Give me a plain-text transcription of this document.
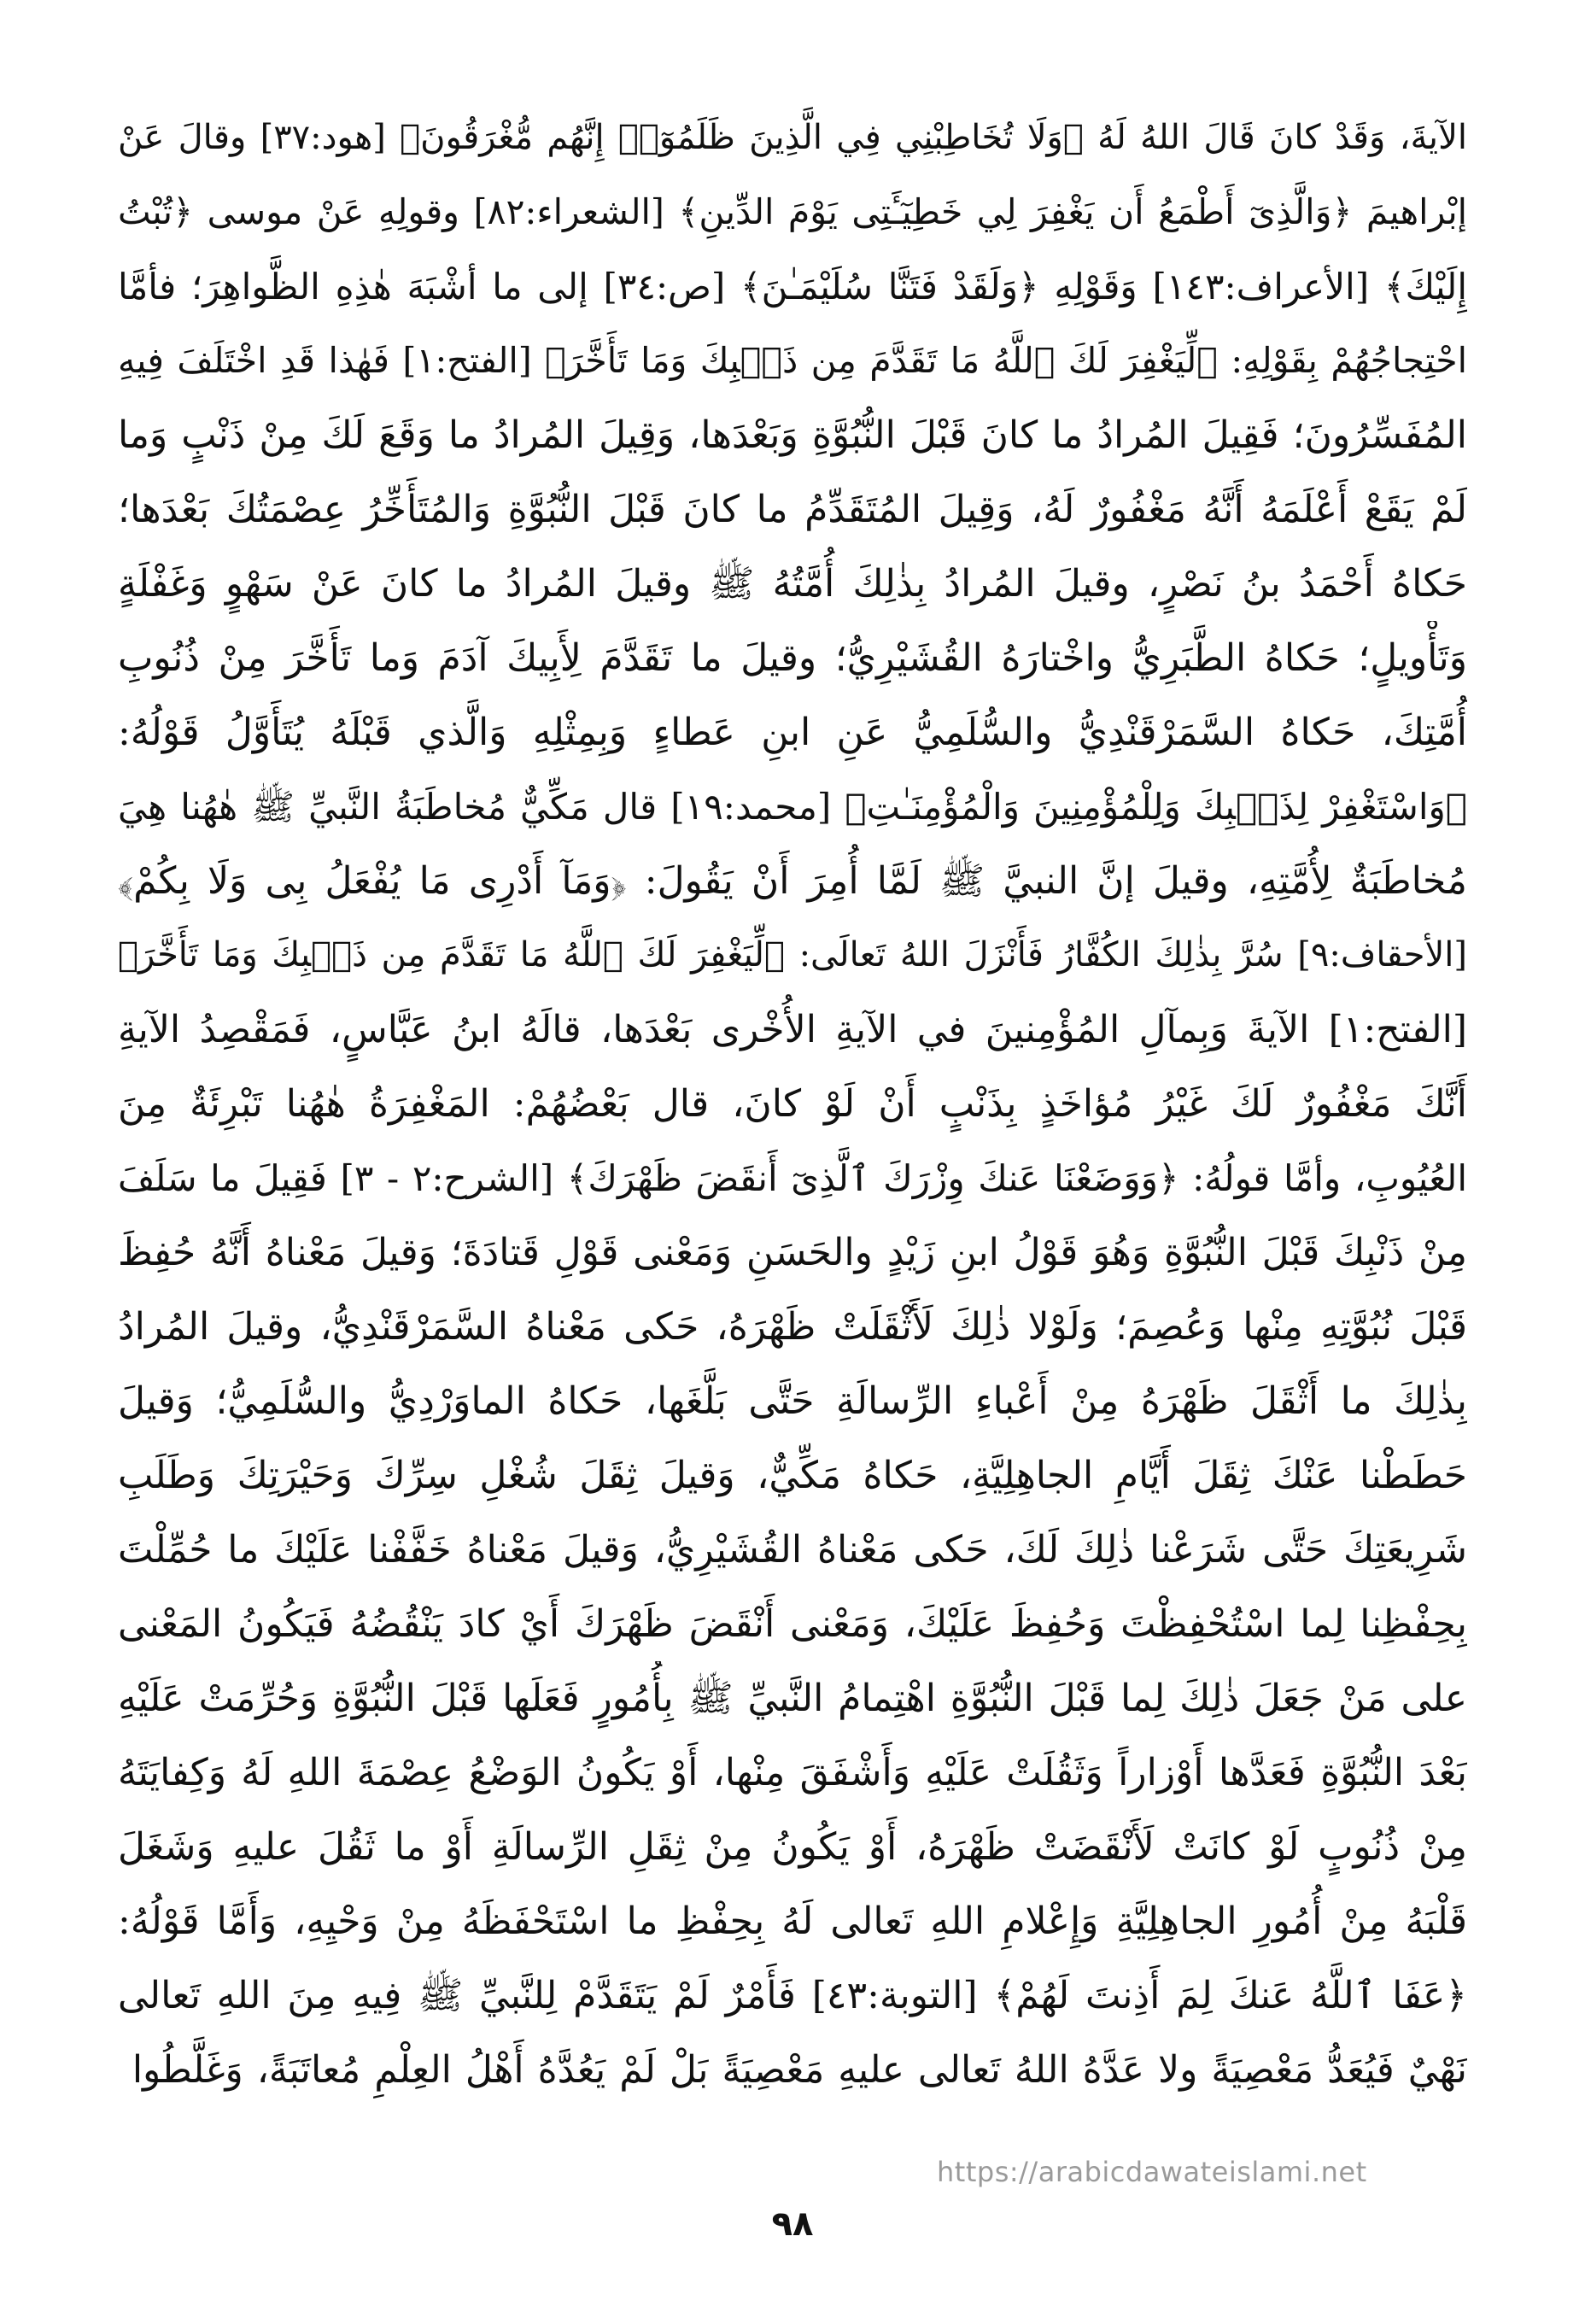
الآيةَ، وَقَدْ كانَ قَالَ اللهُ لَهُ ﴿وَلَا تُخَاطِبْنِي فِي الَّذِينَ ظَلَمُوٓا۟ إِنَّهُم مُّغْرَقُونَ﴾ [هود:٣٧] وقالَ عَنْ
إبْراهيمَ ﴿وَالَّذِىٓ أَطْمَعُ أَن يَغْفِرَ لِي خَطِيٓـَٔتِى يَوْمَ الدِّينِ﴾ [الشعراء:٨٢] وقولِهِ عَنْ موسى ﴿تُبْتُ
إِلَيْكَ﴾ [الأعراف:١٤٣] وَقَوْلِهِ ﴿وَلَقَدْ فَتَنَّا سُلَيْمَـٰنَ﴾ [ص:٣٤] إلى ما أشْبَهَ هٰذِهِ الظَّواهِرَ؛ فأمَّا
احْتِجاجُهُمْ بِقَوْلِهِ: ﴿لِّيَغْفِرَ لَكَ ٱللَّهُ مَا تَقَدَّمَ مِن ذَنۢبِكَ وَمَا تَأَخَّرَ﴾ [الفتح:١] فَهٰذا قَدِ اخْتَلَفَ فِيهِ
المُفَسِّرُونَ؛ فَقِيلَ المُرادُ ما كانَ قَبْلَ النُّبُوَّةِ وَبَعْدَها، وَقِيلَ المُرادُ ما وَقَعَ لَكَ مِنْ ذَنْبٍ وَما
لَمْ يَقَعْ أَعْلَمَهُ أَنَّهُ مَغْفُورٌ لَهُ، وَقِيلَ المُتَقَدِّمُ ما كانَ قَبْلَ النُّبُوَّةِ وَالمُتَأَخِّرُ عِصْمَتُكَ بَعْدَها؛
حَكاهُ أَحْمَدُ بنُ نَصْرٍ، وقيلَ المُرادُ بِذٰلِكَ أُمَّتُهُ ﷺ وقيلَ المُرادُ ما كانَ عَنْ سَهْوٍ وَغَفْلَةٍ
وَتَأْويلٍ؛ حَكاهُ الطَّبَرِيُّ واخْتارَهُ القُشَيْرِيُّ؛ وقيلَ ما تَقَدَّمَ لِأَبِيكَ آدَمَ وَما تَأَخَّرَ مِنْ ذُنُوبِ
أُمَّتِكَ، حَكاهُ السَّمَرْقَنْدِيُّ والسُّلَمِيُّ عَنِ ابنِ عَطاءٍ وَبِمِثْلِهِ وَالَّذي قَبْلَهُ يُتَأَوَّلُ قَوْلُهُ:
﴿وَاسْتَغْفِرْ لِذَنۢبِكَ وَلِلْمُؤْمِنِينَ وَالْمُؤْمِنَـٰتِ﴾ [محمد:١٩] قال مَكِّيٌّ مُخاطَبَةُ النَّبيِّ ﷺ هٰهُنا هِيَ
مُخاطَبَةٌ لِأُمَّتِهِ، وقيلَ إنَّ النبيَّ ﷺ لَمَّا أُمِرَ أَنْ يَقُولَ: ﴿وَمَآ أَدْرِى مَا يُفْعَلُ بِى وَلَا بِكُمْ﴾
[الأحقاف:٩] سُرَّ بِذٰلِكَ الكُفَّارُ فَأَنْزَلَ اللهُ تَعالَى: ﴿لِّيَغْفِرَ لَكَ ٱللَّهُ مَا تَقَدَّمَ مِن ذَنۢبِكَ وَمَا تَأَخَّرَ﴾
[الفتح:١] الآيةَ وَبِمآلِ المُؤْمِنينَ في الآيةِ الأُخْرى بَعْدَها، قالَهُ ابنُ عَبَّاسٍ، فَمَقْصِدُ الآيةِ
أَنَّكَ مَغْفُورٌ لَكَ غَيْرُ مُؤاخَذٍ بِذَنْبٍ أَنْ لَوْ كانَ، قال بَعْضُهُمْ: المَغْفِرَةُ هٰهُنا تَبْرِئَةٌ مِنَ
العُيُوبِ، وأمَّا قولُهُ: ﴿وَوَضَعْنَا عَنكَ وِزْرَكَ ٱلَّذِىٓ أَنقَضَ ظَهْرَكَ﴾ [الشرح:٢ - ٣] فَقِيلَ ما سَلَفَ
مِنْ ذَنْبِكَ قَبْلَ النُّبُوَّةِ وَهُوَ قَوْلُ ابنِ زَيْدٍ والحَسَنِ وَمَعْنى قَوْلِ قَتادَةَ؛ وَقيلَ مَعْناهُ أَنَّهُ حُفِظَ
قَبْلَ نُبُوَّتِهِ مِنْها وَعُصِمَ؛ وَلَوْلا ذٰلِكَ لَأَثْقَلَتْ ظَهْرَهُ، حَكى مَعْناهُ السَّمَرْقَنْدِيُّ، وقيلَ المُرادُ
بِذٰلِكَ ما أَثْقَلَ ظَهْرَهُ مِنْ أَعْباءِ الرِّسالَةِ حَتَّى بَلَّغَها، حَكاهُ الماوَرْدِيُّ والسُّلَمِيُّ؛ وَقيلَ
حَطَطْنا عَنْكَ ثِقَلَ أَيَّامِ الجاهِلِيَّةِ، حَكاهُ مَكِّيٌّ، وَقيلَ ثِقَلَ شُغْلِ سِرِّكَ وَحَيْرَتِكَ وَطَلَبِ
شَرِيعَتِكَ حَتَّى شَرَعْنا ذٰلِكَ لَكَ، حَكى مَعْناهُ القُشَيْرِيُّ، وَقيلَ مَعْناهُ خَفَّفْنا عَلَيْكَ ما حُمِّلْتَ
بِحِفْظِنا لِما اسْتُحْفِظْتَ وَحُفِظَ عَلَيْكَ، وَمَعْنى أَنْقَضَ ظَهْرَكَ أَيْ كادَ يَنْقُضُهُ فَيَكُونُ المَعْنى
على مَنْ جَعَلَ ذٰلِكَ لِما قَبْلَ النُّبُوَّةِ اهْتِمامُ النَّبيِّ ﷺ بِأُمُورٍ فَعَلَها قَبْلَ النُّبُوَّةِ وَحُرِّمَتْ عَلَيْهِ
بَعْدَ النُّبُوَّةِ فَعَدَّها أَوْزاراً وَثَقُلَتْ عَلَيْهِ وَأَشْفَقَ مِنْها، أَوْ يَكُونُ الوَضْعُ عِصْمَةَ اللهِ لَهُ وَكِفايَتَهُ
مِنْ ذُنُوبٍ لَوْ كانَتْ لَأَنْقَضَتْ ظَهْرَهُ، أَوْ يَكُونُ مِنْ ثِقَلِ الرِّسالَةِ أَوْ ما ثَقُلَ عليهِ وَشَغَلَ
قَلْبَهُ مِنْ أُمُورِ الجاهِلِيَّةِ وَإِعْلامِ اللهِ تَعالى لَهُ بِحِفْظِ ما اسْتَحْفَظَهُ مِنْ وَحْيِهِ، وَأَمَّا قَوْلُهُ:
﴿عَفَا ٱللَّهُ عَنكَ لِمَ أَذِنتَ لَهُمْ﴾ [التوبة:٤٣] فَأَمْرٌ لَمْ يَتَقَدَّمْ لِلنَّبيِّ ﷺ فِيهِ مِنَ اللهِ تَعالى
نَهْيٌ فَيُعَدُّ مَعْصِيَةً ولا عَدَّهُ اللهُ تَعالى عليهِ مَعْصِيَةً بَلْ لَمْ يَعُدَّهُ أَهْلُ العِلْمِ مُعاتَبَةً، وَغَلَّطُوا
https://arabicdawateislami.net
٩٨
